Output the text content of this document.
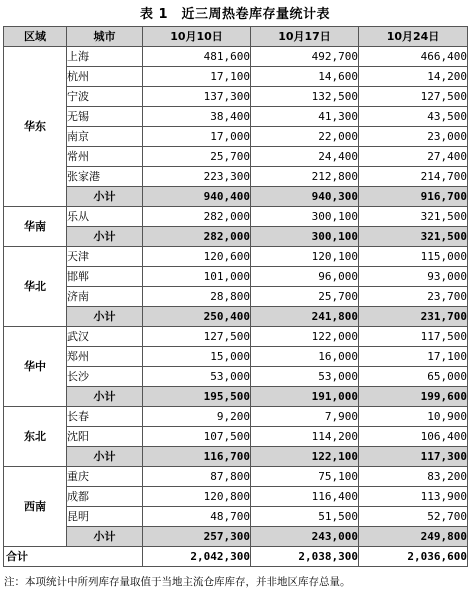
表 1　近三周热卷库存量统计表
区域	城市	10月10日	10月17日	10月24日
华东	上海	481,600	492,700	466,400
	杭州	17,100	14,600	14,200
	宁波	137,300	132,500	127,500
	无锡	38,400	41,300	43,500
	南京	17,000	22,000	23,000
	常州	25,700	24,400	27,400
	张家港	223,300	212,800	214,700
	小计	940,400	940,300	916,700
华南	乐从	282,000	300,100	321,500
	小计	282,000	300,100	321,500
华北	天津	120,600	120,100	115,000
	邯郸	101,000	96,000	93,000
	济南	28,800	25,700	23,700
	小计	250,400	241,800	231,700
华中	武汉	127,500	122,000	117,500
	郑州	15,000	16,000	17,100
	长沙	53,000	53,000	65,000
	小计	195,500	191,000	199,600
东北	长春	9,200	7,900	10,900
	沈阳	107,500	114,200	106,400
	小计	116,700	122,100	117,300
西南	重庆	87,800	75,100	83,200
	成都	120,800	116,400	113,900
	昆明	48,700	51,500	52,700
	小计	257,300	243,000	249,800
合计		2,042,300	2,038,300	2,036,600
注：本项统计中所列库存量取值于当地主流仓库库存，并非地区库存总量。
